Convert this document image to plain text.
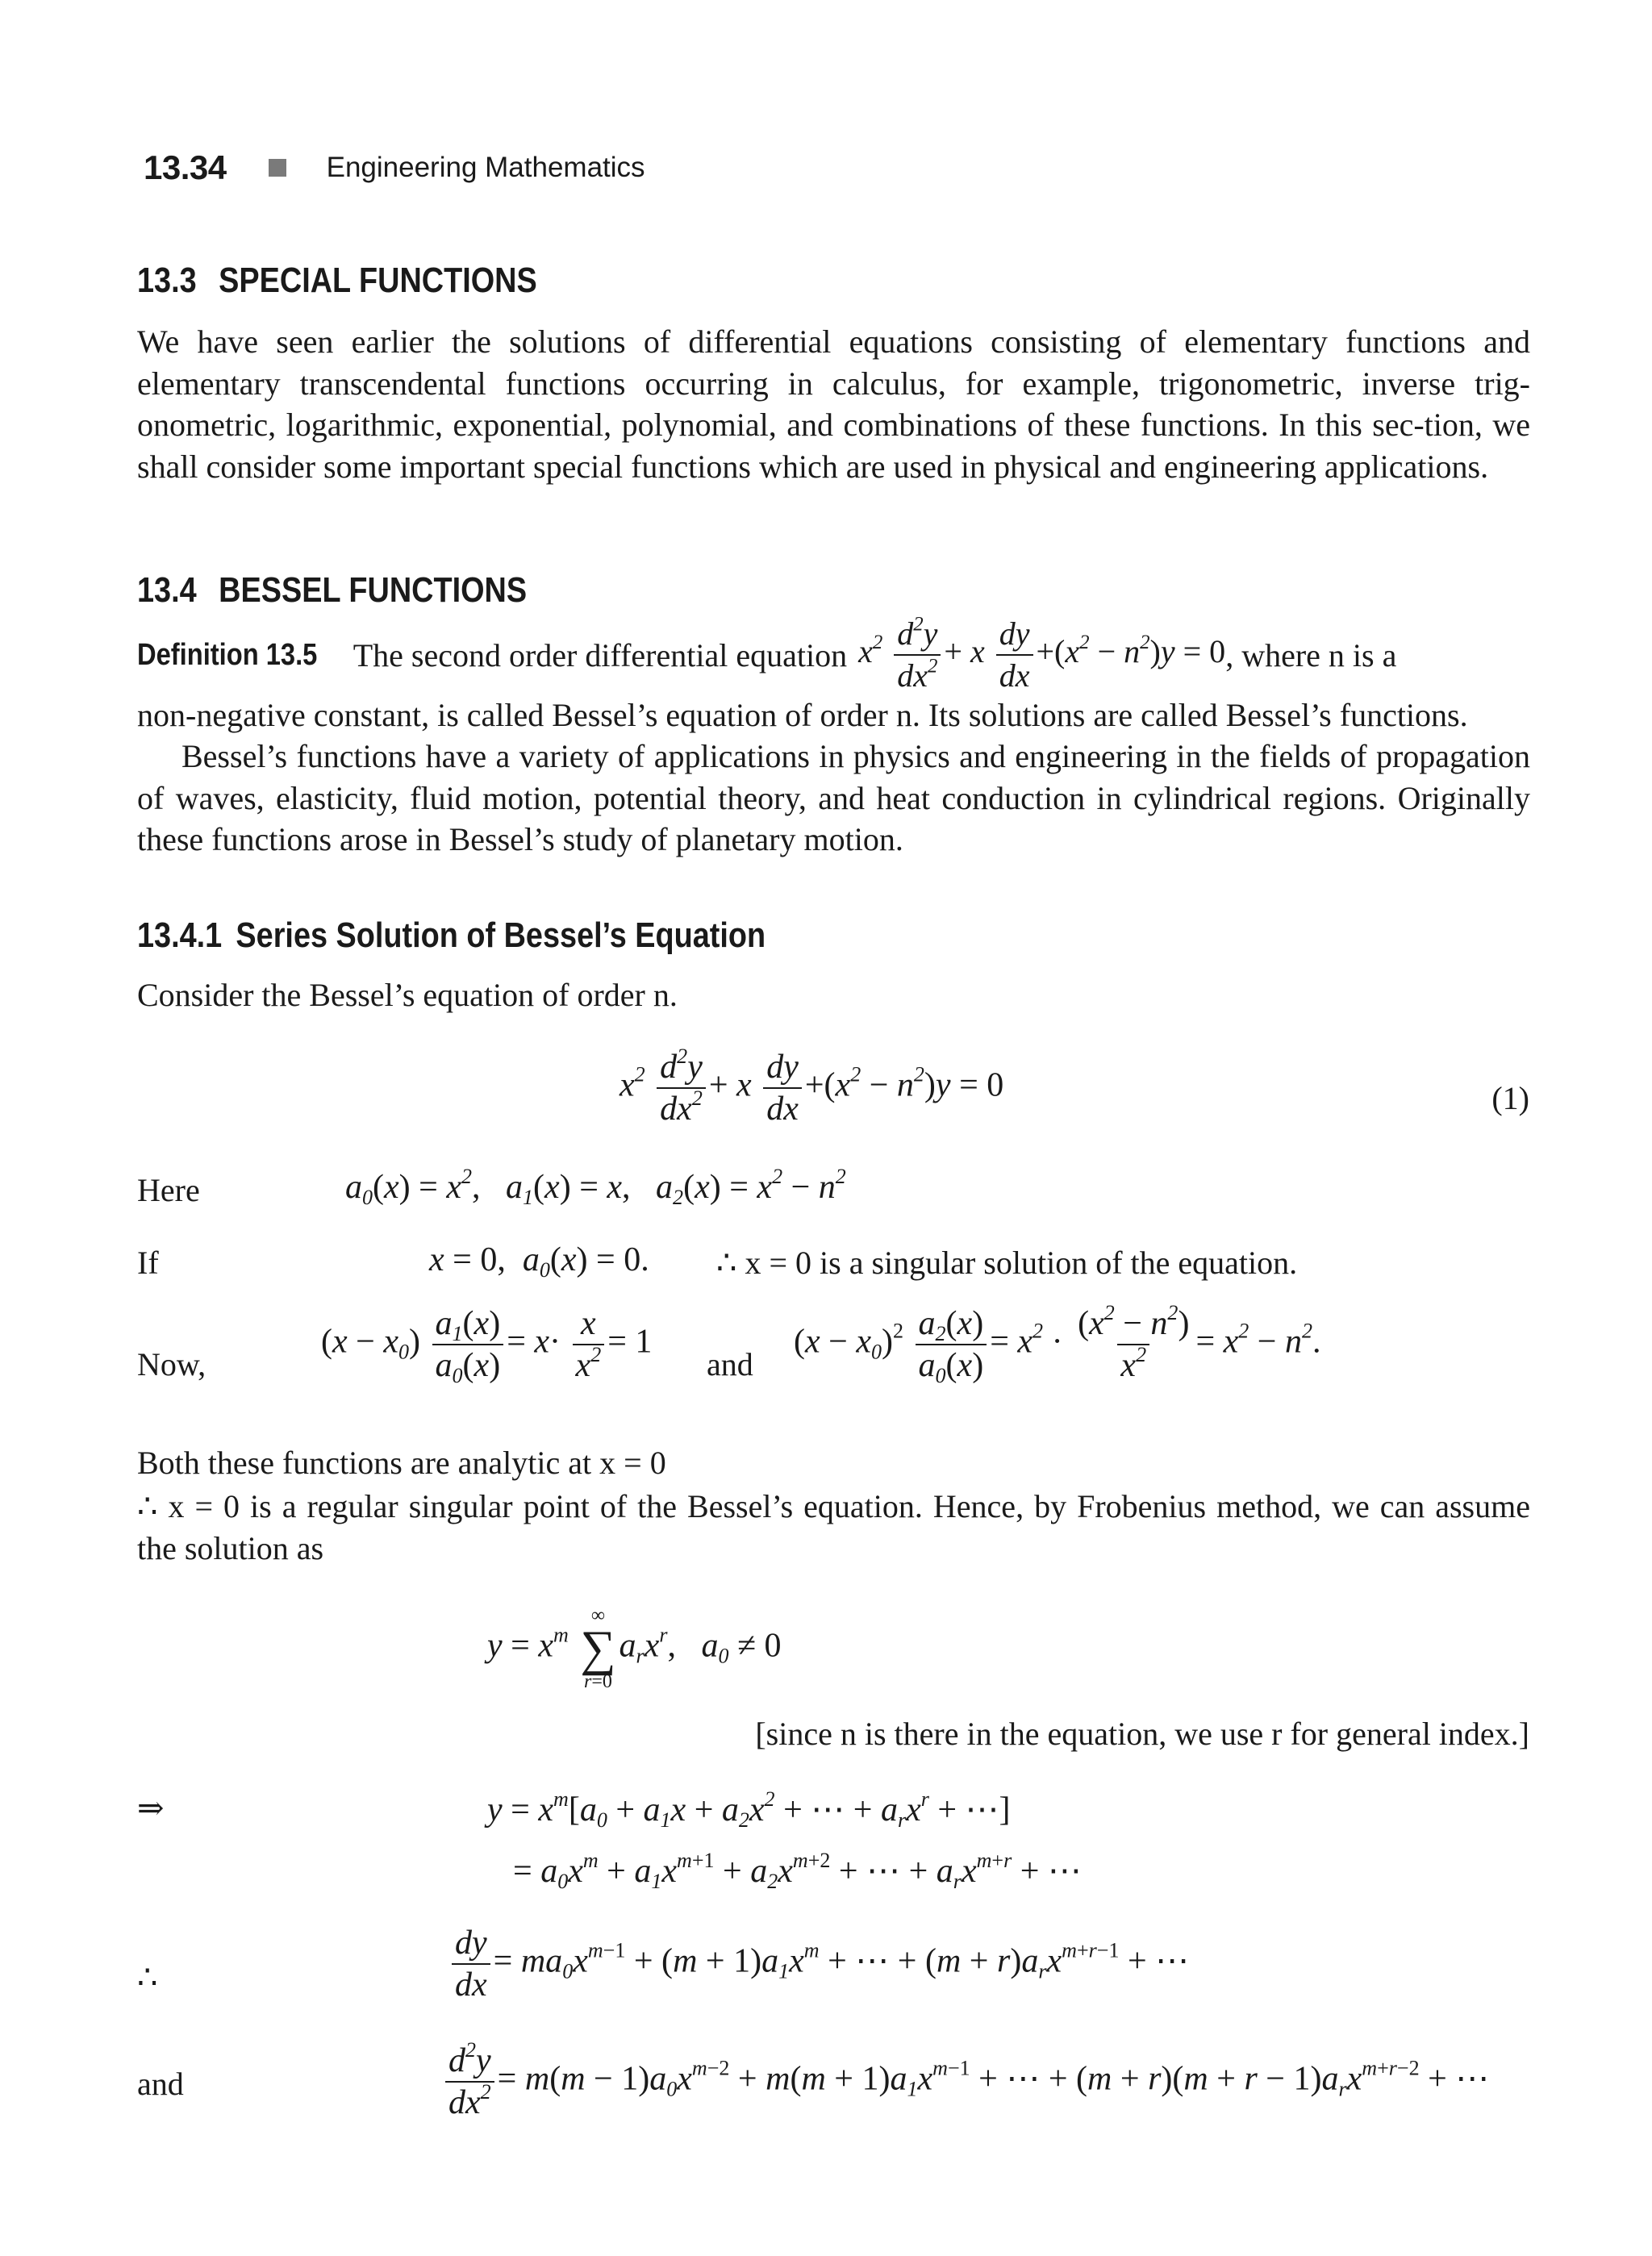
13.34	Engineering Mathematics
13.3 SPECIAL FUNCTIONS

We have seen earlier the solutions of differential equations consisting of elementary functions and elementary transcendental functions occurring in calculus, for example, trigonometric, inverse trig-onometric, logarithmic, exponential, polynomial, and combinations of these functions. In this sec-tion, we shall consider some important special functions which are used in physical and engineering applications.

13.4 BESSEL FUNCTIONS
Definition 13.5 The second order differential equation $x^2 \frac{d^2y}{dx^2} + x \frac{dy}{dx} +(x^2 - n^2)y = 0$ , where n is a

non-negative constant, is called Bessel’s equation of order n. Its solutions are called Bessel’s functions.

Bessel’s functions have a variety of applications in physics and engineering in the fields of propagation of waves, elasticity, fluid motion, potential theory, and heat conduction in cylindrical regions. Originally these functions arose in Bessel’s study of planetary motion.

13.4.1 Series Solution of Bessel’s Equation
Consider the Bessel’s equation of order n.
$x^2 \frac{d^2y}{dx^2} + x \frac{dy}{dx} +(x^2 - n^2)y = 0$	(1)
Here	$a_0(x) = x^2$,   $a_1(x) = x$,   $a_2(x) = x^2 - n^2$
If	x = 0,  $a_0(x) = 0$. ∴ x = 0 is a singular solution of the equation.
Now,
$(x - x_0) \frac{a_1(x)}{a_0(x)} = x\cdot \frac{x}{x^2} = 1$
and
$(x - x_0)^2 \frac{a_2(x)}{a_0(x)} = x^2 \cdot \frac{(x^2 - n^2)}{x^2} = x^2 - n^2$.
Both these functions are analytic at x = 0

∴ x = 0 is a regular singular point of the Bessel’s equation. Hence, by Frobenius method, we can assume the solution as

$y = x^m$
∞
∑
r=0
$a_rx^r$,   $a_0 \ne 0$
[since n is there in the equation, we use r for general index.]
⇒	$y = x^m[a_0 + a_1x + a_2x^2$ + ⋯ + $a_rx^r$ + ⋯]
= $a_0x^m + a_1x^{m+1} + a_2x^{m+2}$ + ⋯ + $a_rx^{m+r}$ + ⋯
∴	$\frac{dy}{dx} = ma_0x^{m-1} + (m + 1)a_1x^m$ + ⋯ + $(m + r)a_rx^{m+r-1}$ + ⋯
and	$\frac{d^2y}{dx^2} = m(m - 1)a_0x^{m-2} + m(m + 1)a_1x^{m-1}$ + ⋯ + $(m + r)(m + r - 1)a_rx^{m+r-2}$ + ⋯
